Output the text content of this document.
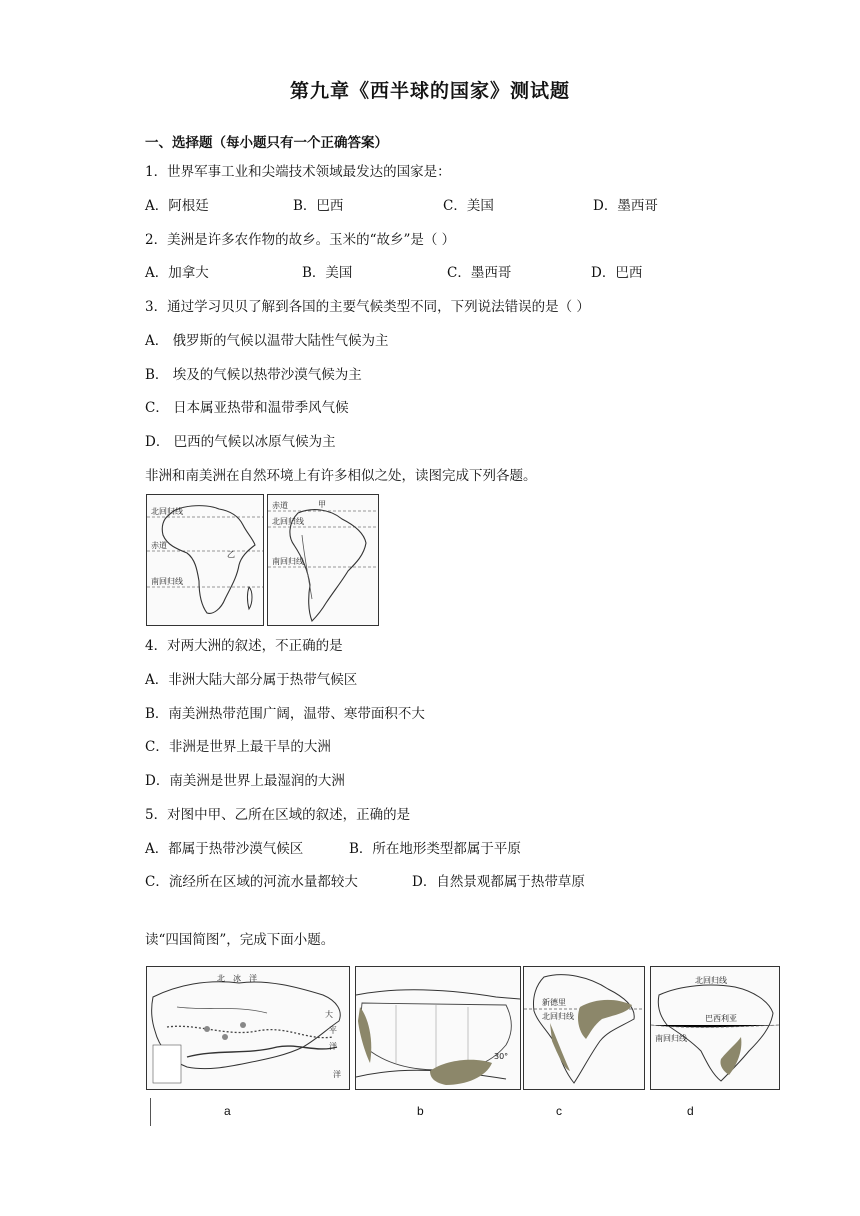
第九章《西半球的国家》测试题
一、选择题（每小题只有一个正确答案）
1．世界军事工业和尖端技术领域最发达的国家是：
A．阿根廷	B．巴西	C．美国	D．墨西哥
2．美洲是许多农作物的故乡。玉米的“故乡”是（ ）
A．加拿大	B．美国	C．墨西哥	D．巴西
3．通过学习贝贝了解到各国的主要气候类型不同，下列说法错误的是（ ）
A． 俄罗斯的气候以温带大陆性气候为主
B． 埃及的气候以热带沙漠气候为主
C． 日本属亚热带和温带季风气候
D． 巴西的气候以冰原气候为主
非洲和南美洲在自然环境上有许多相似之处，读图完成下列各题。
北回归线
赤道
南回归线
乙
赤道	甲
北回归线
南回归线
4．对两大洲的叙述，不正确的是
A．非洲大陆大部分属于热带气候区
B．南美洲热带范围广阔，温带、寒带面积不大
C．非洲是世界上最干旱的大洲
D．南美洲是世界上最湿润的大洲
5．对图中甲、乙所在区域的叙述，正确的是
A．都属于热带沙漠气候区	B．所在地形类型都属于平原
C．流经所在区域的河流水量都较大	D．自然景观都属于热带草原
读“四国简图”，完成下面小题。
北 冰 洋
大
平
洋
洋
30°
新德里
北回归线
北回归线
巴西利亚
南回归线
a	b	c	d
